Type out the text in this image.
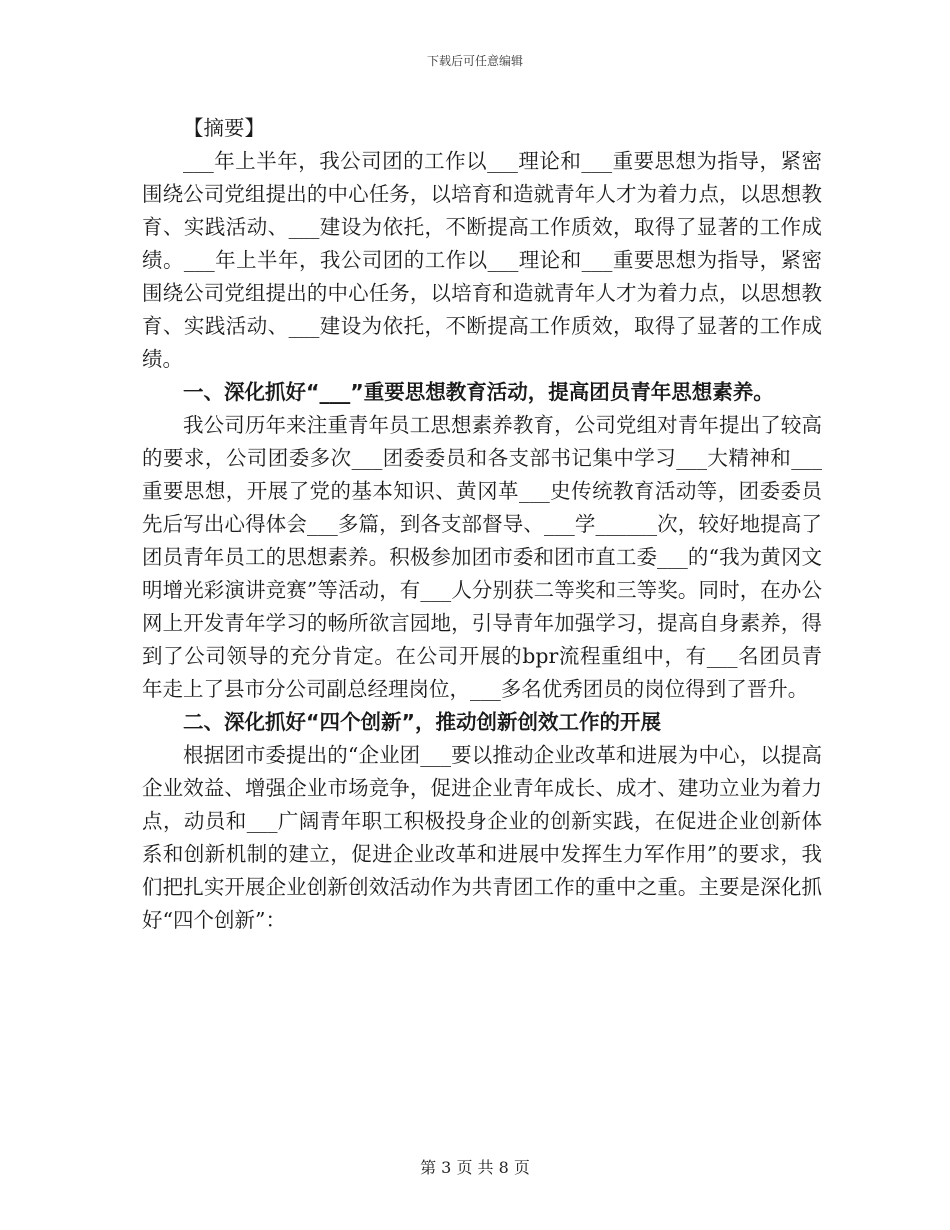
下载后可任意编辑

【摘要】

___年上半年，我公司团的工作以___理论和___重要思想为指导，紧密围绕公司党组提出的中心任务，以培育和造就青年人才为着力点，以思想教育、实践活动、___建设为依托，不断提高工作质效，取得了显著的工作成绩。___年上半年，我公司团的工作以___理论和___重要思想为指导，紧密围绕公司党组提出的中心任务，以培育和造就青年人才为着力点，以思想教育、实践活动、___建设为依托，不断提高工作质效，取得了显著的工作成绩。

一、深化抓好“___”重要思想教育活动，提高团员青年思想素养。

我公司历年来注重青年员工思想素养教育，公司党组对青年提出了较高的要求，公司团委多次___团委委员和各支部书记集中学习___大精神和___重要思想，开展了党的基本知识、黄冈革___史传统教育活动等，团委委员先后写出心得体会___多篇，到各支部督导、___学______次，较好地提高了团员青年员工的思想素养。积极参加团市委和团市直工委___的“我为黄冈文明增光彩演讲竞赛”等活动，有___人分别获二等奖和三等奖。同时，在办公网上开发青年学习的畅所欲言园地，引导青年加强学习，提高自身素养，得到了公司领导的充分肯定。在公司开展的bpr流程重组中，有___名团员青年走上了县市分公司副总经理岗位，___多名优秀团员的岗位得到了晋升。

二、深化抓好“四个创新”，推动创新创效工作的开展

根据团市委提出的“企业团___要以推动企业改革和进展为中心，以提高企业效益、增强企业市场竞争，促进企业青年成长、成才、建功立业为着力点，动员和___广阔青年职工积极投身企业的创新实践，在促进企业创新体系和创新机制的建立，促进企业改革和进展中发挥生力军作用”的要求，我们把扎实开展企业创新创效活动作为共青团工作的重中之重。主要是深化抓好“四个创新”：

第 3 页 共 8 页
